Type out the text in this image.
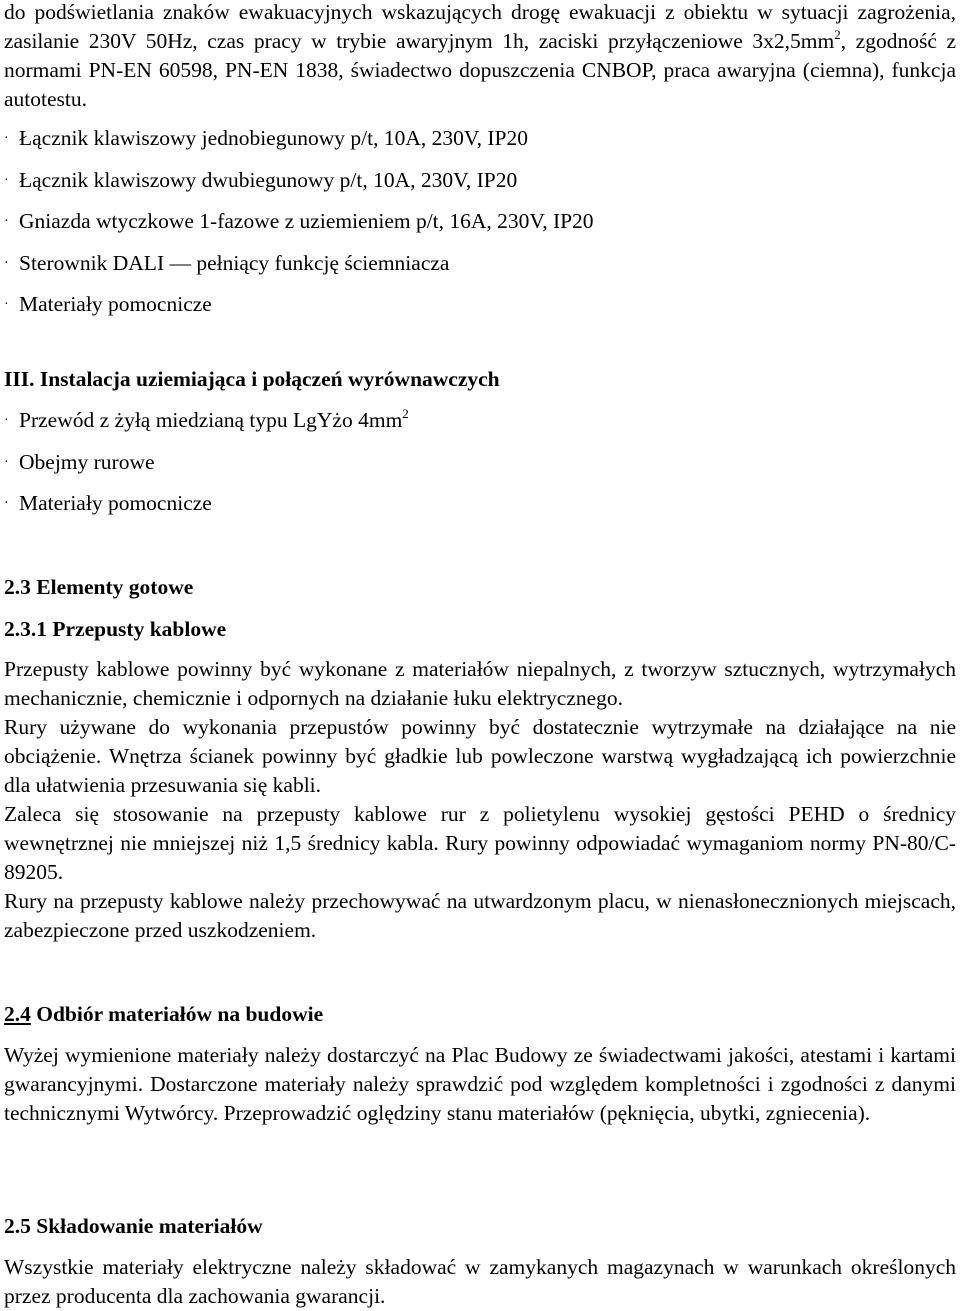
do podświetlania znaków ewakuacyjnych wskazujących drogę ewakuacji z obiektu w sytuacji zagrożenia, zasilanie 230V 50Hz, czas pracy w trybie awaryjnym 1h, zaciski przyłączeniowe $3x2,5mm^2$, zgodność z normami PN-EN 60598, PN-EN 1838, świadectwo dopuszczenia CNBOP, praca awaryjna (ciemna), funkcja autotestu.

· Łącznik klawiszowy jednobiegunowy p/t, 10A, 230V, IP20
· Łącznik klawiszowy dwubiegunowy p/t, 10A, 230V, IP20
· Gniazda wtyczkowe 1-fazowe z uziemieniem p/t, 16A, 230V, IP20
· Sterownik DALI — pełniący funkcję ściemniacza
· Materiały pomocnicze
III. Instalacja uziemiająca i połączeń wyrównawczych
· Przewód z żyłą miedzianą typu LgYżo $4mm^2$
· Obejmy rurowe
· Materiały pomocnicze
2.3 Elementy gotowe
2.3.1 Przepusty kablowe

Przepusty kablowe powinny być wykonane z materiałów niepalnych, z tworzyw sztucznych, wytrzymałych mechanicznie, chemicznie i odpornych na działanie łuku elektrycznego.

Rury używane do wykonania przepustów powinny być dostatecznie wytrzymałe na działające na nie obciążenie. Wnętrza ścianek powinny być gładkie lub powleczone warstwą wygładzającą ich powierzchnie dla ułatwienia przesuwania się kabli.

Zaleca się stosowanie na przepusty kablowe rur z polietylenu wysokiej gęstości PEHD o średnicy wewnętrznej nie mniejszej niż 1,5 średnicy kabla. Rury powinny odpowiadać wymaganiom normy PN-80/C-89205.

Rury na przepusty kablowe należy przechowywać na utwardzonym placu, w nienasłonecznionych miejscach, zabezpieczone przed uszkodzeniem.

2.4 Odbiór materiałów na budowie

Wyżej wymienione materiały należy dostarczyć na Plac Budowy ze świadectwami jakości, atestami i kartami gwarancyjnymi. Dostarczone materiały należy sprawdzić pod względem kompletności i zgodności z danymi technicznymi Wytwórcy. Przeprowadzić oględziny stanu materiałów (pęknięcia, ubytki, zgniecenia).

2.5 Składowanie materiałów

Wszystkie materiały elektryczne należy składować w zamykanych magazynach w warunkach określonych przez producenta dla zachowania gwarancji.
